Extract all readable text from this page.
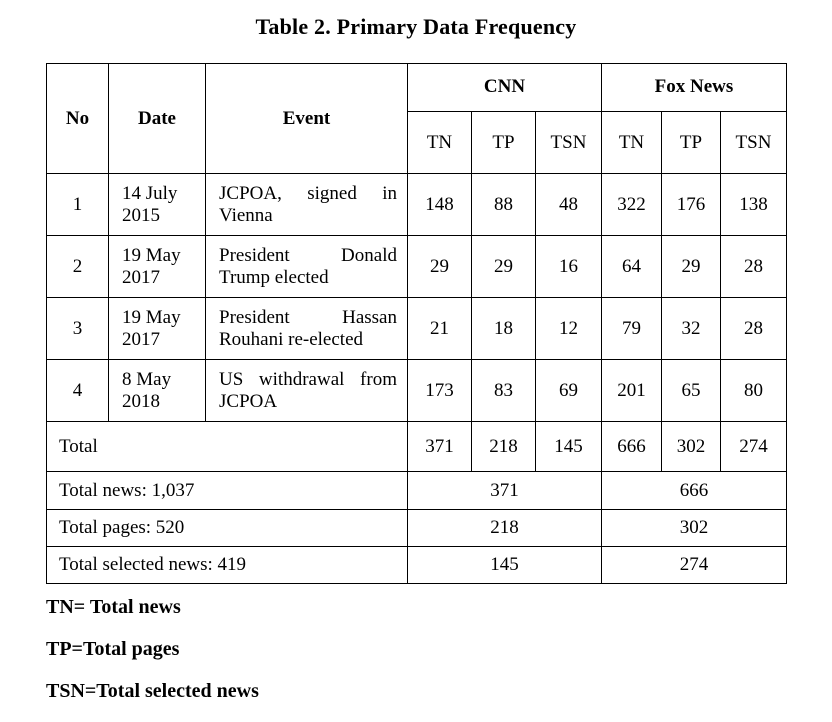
Table 2. Primary Data Frequency
No	Date	Event	CNN			Fox News		
			TN	TP	TSN	TN	TP	TSN
1	14 July 2015	JCPOA, signed in Vienna	148	88	48	322	176	138
2	19 May 2017	President Donald Trump elected	29	29	16	64	29	28
3	19 May 2017	President Hassan Rouhani re-elected	21	18	12	79	32	28
4	8 May 2018	US withdrawal from JCPOA	173	83	69	201	65	80
Total			371	218	145	666	302	274
Total news: 1,037			371			666		
Total pages: 520			218			302		
Total selected news: 419			145			274		
TN= Total news
TP=Total pages
TSN=Total selected news
